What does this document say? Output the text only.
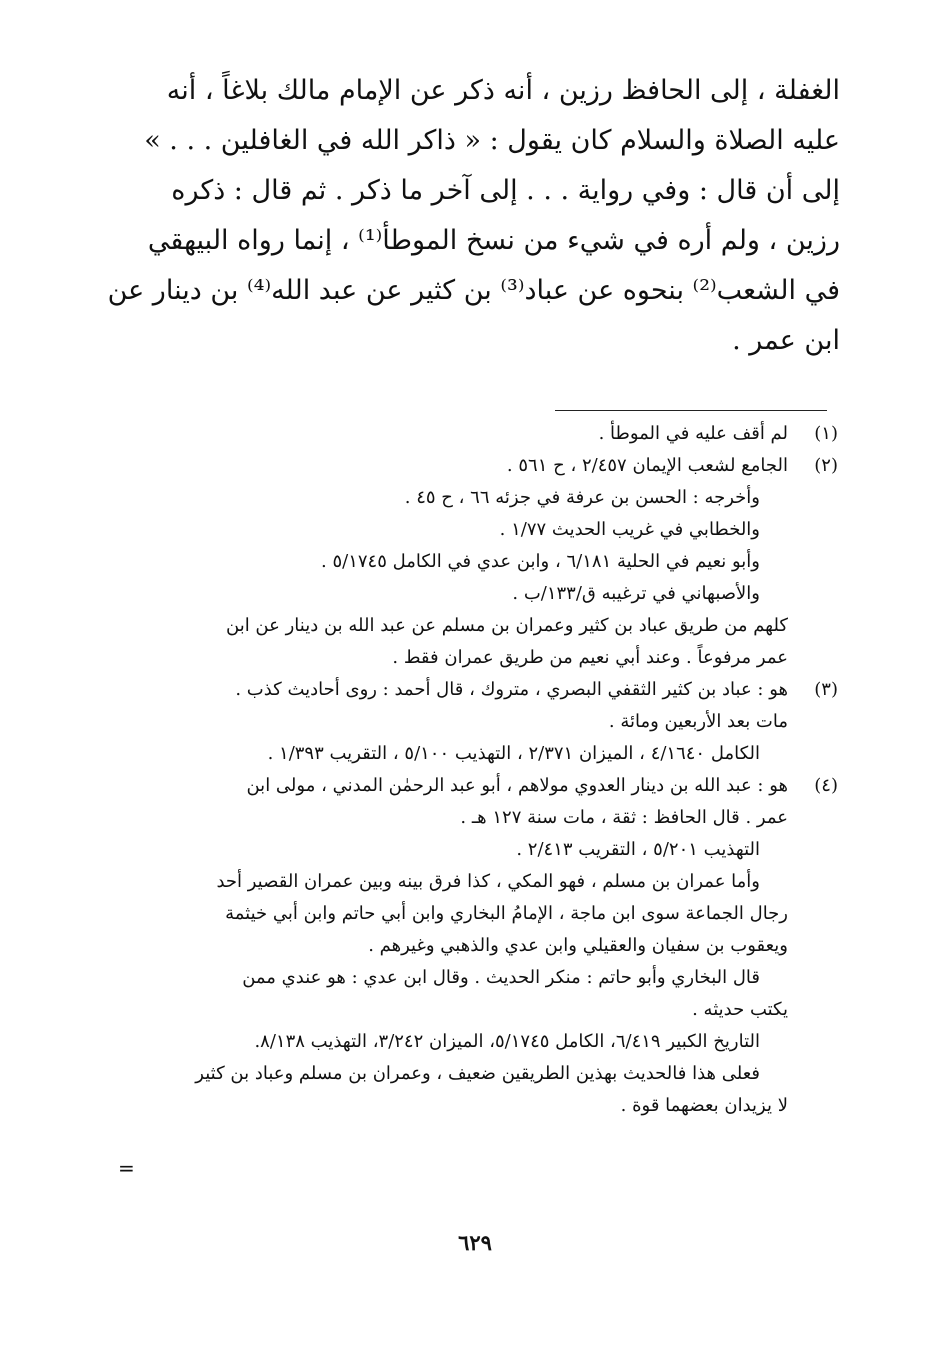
الغفلة ، إلى الحافظ رزين ، أنه ذكر عن الإمام مالك بلاغاً ، أنه
عليه الصلاة والسلام كان يقول : « ذاكر الله في الغافلين . . . »
إلى أن قال : وفي رواية . . . إلى آخر ما ذكر . ثم قال : ذكره
رزين ، ولم أره في شيء من نسخ الموطأ⁽¹⁾ ، إنما رواه البيهقي
في الشعب⁽²⁾ بنحوه عن عباد⁽³⁾ بن كثير عن عبد الله⁽⁴⁾ بن دينار عن
ابن عمر .
(١)
لم أقف عليه في الموطأ .
(٢)
الجامع لشعب الإيمان ٢/٤٥٧ ، ح ٥٦١ .
وأخرجه : الحسن بن عرفة في جزئه ٦٦ ، ح ٤٥ .
والخطابي في غريب الحديث ١/٧٧ .
وأبو نعيم في الحلية ٦/١٨١ ، وابن عدي في الكامل ٥/١٧٤٥ .
والأصبهاني في ترغيبه ق/١٣٣/ب .
كلهم من طريق عباد بن كثير وعمران بن مسلم عن عبد الله بن دينار عن ابن
عمر مرفوعاً . وعند أبي نعيم من طريق عمران فقط .
(٣)
هو : عباد بن كثير الثقفي البصري ، متروك ، قال أحمد : روى أحاديث كذب .
مات بعد الأربعين ومائة .
الكامل ٤/١٦٤٠ ، الميزان ٢/٣٧١ ، التهذيب ٥/١٠٠ ، التقريب ١/٣٩٣ .
(٤)
هو : عبد الله بن دينار العدوي مولاهم ، أبو عبد الرحمٰن المدني ، مولى ابن
عمر . قال الحافظ : ثقة ، مات سنة ١٢٧ هـ .
التهذيب ٥/٢٠١ ، التقريب ٢/٤١٣ .
وأما عمران بن مسلم ، فهو المكي ، كذا فرق بينه وبين عمران القصير أحد
رجال الجماعة سوى ابن ماجة ، الإمامُ البخاري وابن أبي حاتم وابن أبي خيثمة
ويعقوب بن سفيان والعقيلي وابن عدي والذهبي وغيرهم .
قال البخاري وأبو حاتم : منكر الحديث . وقال ابن عدي : هو عندي ممن
يكتب حديثه .
التاريخ الكبير ٦/٤١٩، الكامل ٥/١٧٤٥، الميزان ٣/٢٤٢، التهذيب ٨/١٣٨.
فعلى هذا فالحديث بهذين الطريقين ضعيف ، وعمران بن مسلم وعباد بن كثير
لا يزيدان بعضهما قوة .
=
٦٢٩
